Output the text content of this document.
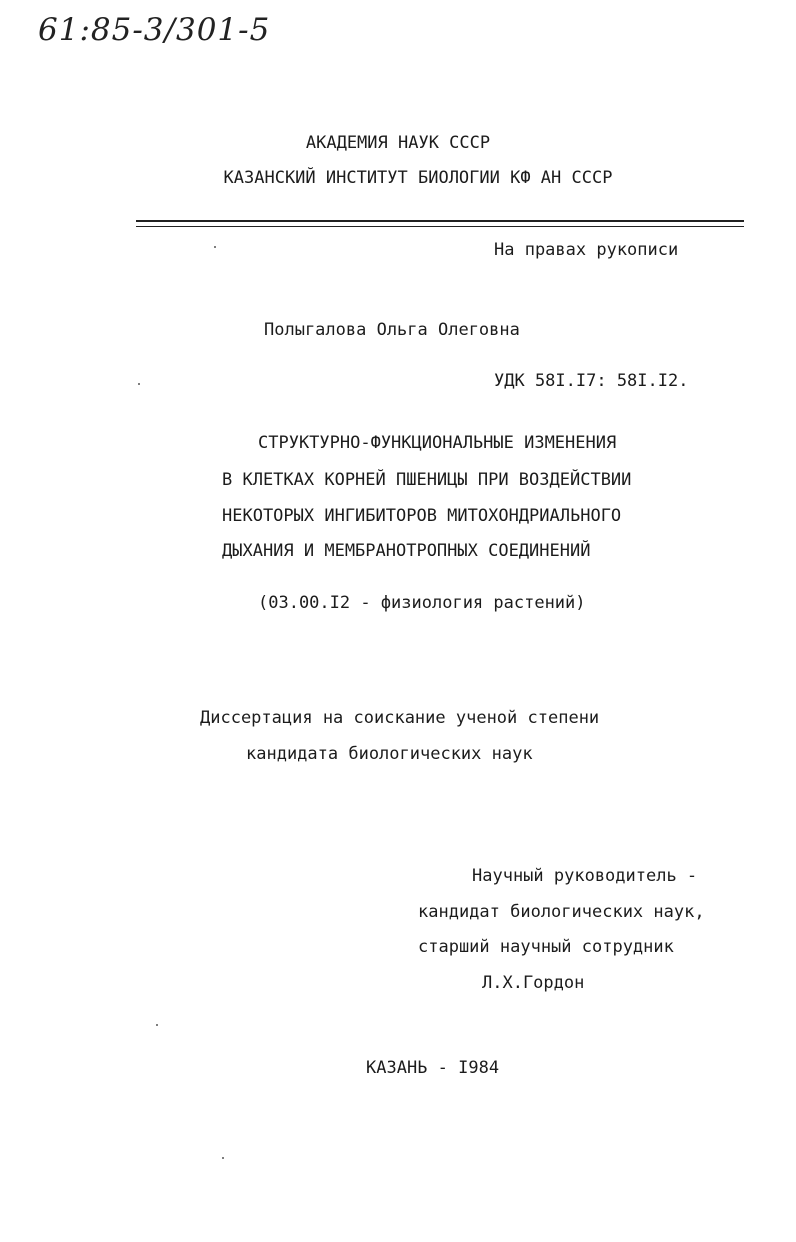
61:85-3/301-5
АКАДЕМИЯ НАУК СССР
КАЗАНСКИЙ ИНСТИТУТ БИОЛОГИИ КФ АН СССР
На правах рукописи
Полыгалова Ольга Олеговна
УДК 58I.I7: 58I.I2.
СТРУКТУРНО-ФУНКЦИОНАЛЬНЫЕ ИЗМЕНЕНИЯ
В КЛЕТКАХ КОРНЕЙ ПШЕНИЦЫ ПРИ ВОЗДЕЙСТВИИ
НЕКОТОРЫХ ИНГИБИТОРОВ МИТОХОНДРИАЛЬНОГО
ДЫХАНИЯ И МЕМБРАНОТРОПНЫХ СОЕДИНЕНИЙ
(03.00.I2 - физиология растений)
Диссертация на соискание ученой степени
кандидата биологических наук
Научный руководитель -
кандидат биологических наук,
старший научный сотрудник
Л.Х.Гордон
КАЗАНЬ - I984
